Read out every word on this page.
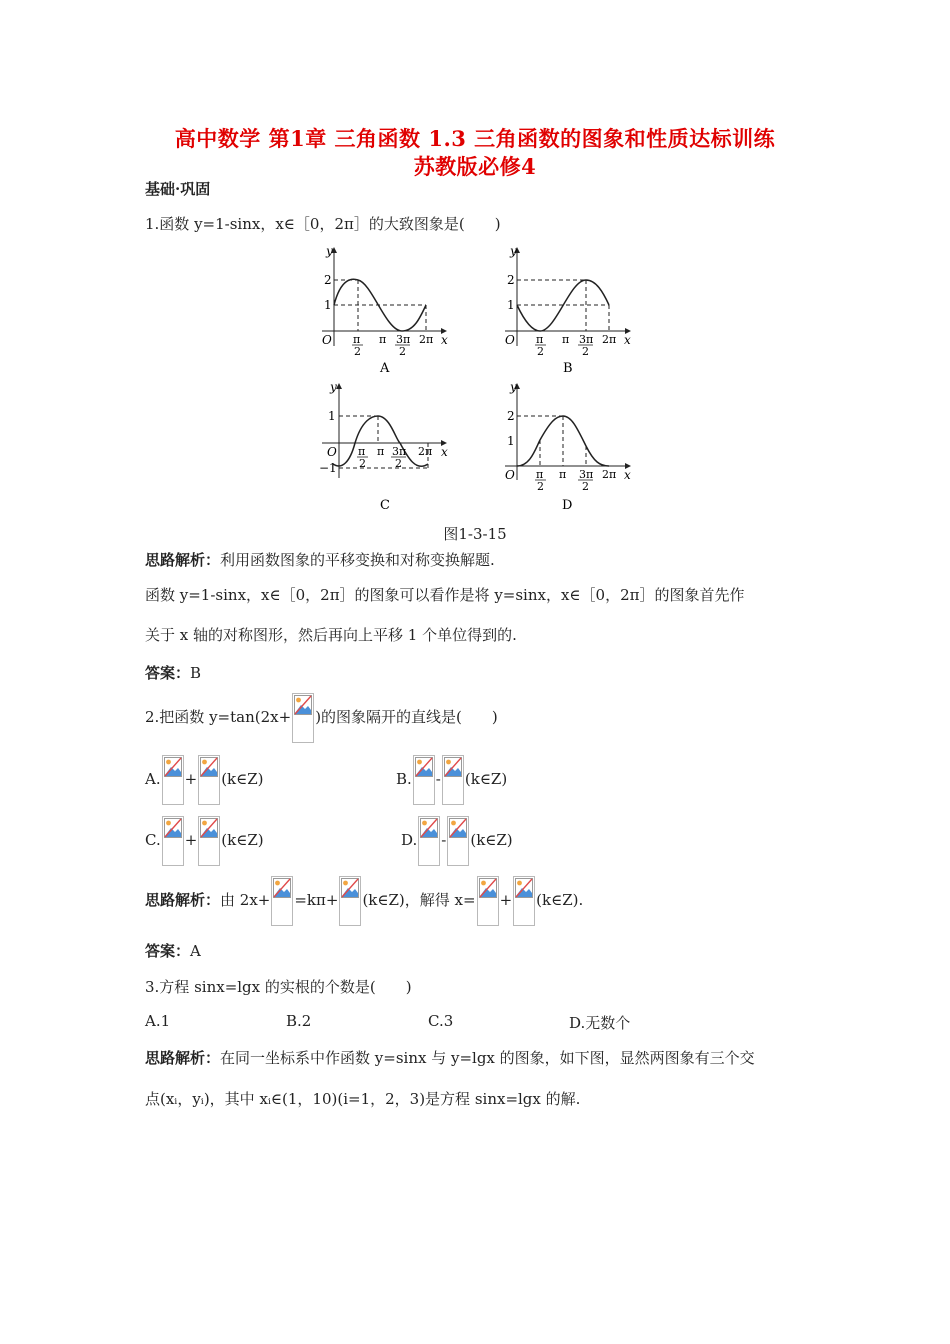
高中数学 第1章 三角函数 1.3 三角函数的图象和性质达标训练
苏教版必修4
基础·巩固
1.函数 y=1-sinx，x∈［0，2π］的大致图象是(　　)
y
x
O
2
1
π
2
π 3π
2
2π
A
y
x
O
2
1
π
2
π 3π
2
2π
B
y
x
O
1
−1
π
2
π 3π
2
2π
C
y
x
O
2
1
π
2
π 3π
2
2π
D
图1-3-15
思路解析：利用函数图象的平移变换和对称变换解题.
函数 y=1-sinx，x∈［0，2π］的图象可以看作是将 y=sinx，x∈［0，2π］的图象首先作
关于 x 轴的对称图形，然后再向上平移 1 个单位得到的.
答案：B
2.把函数 y=tan(2x+ )的图象隔开的直线是(　　)
A. + (k∈Z)	B. - (k∈Z)
C. + (k∈Z)	D. - (k∈Z)
思路解析：由 2x+ =kπ+ (k∈Z)，解得 x= + (k∈Z).
答案：A
3.方程 sinx=lgx 的实根的个数是(　　)
A.1	B.2	C.3	D.无数个
思路解析：在同一坐标系中作函数 y=sinx 与 y=lgx 的图象，如下图，显然两图象有三个交
点(xᵢ，yᵢ)，其中 xᵢ∈(1，10)(i=1，2，3)是方程 sinx=lgx 的解.
